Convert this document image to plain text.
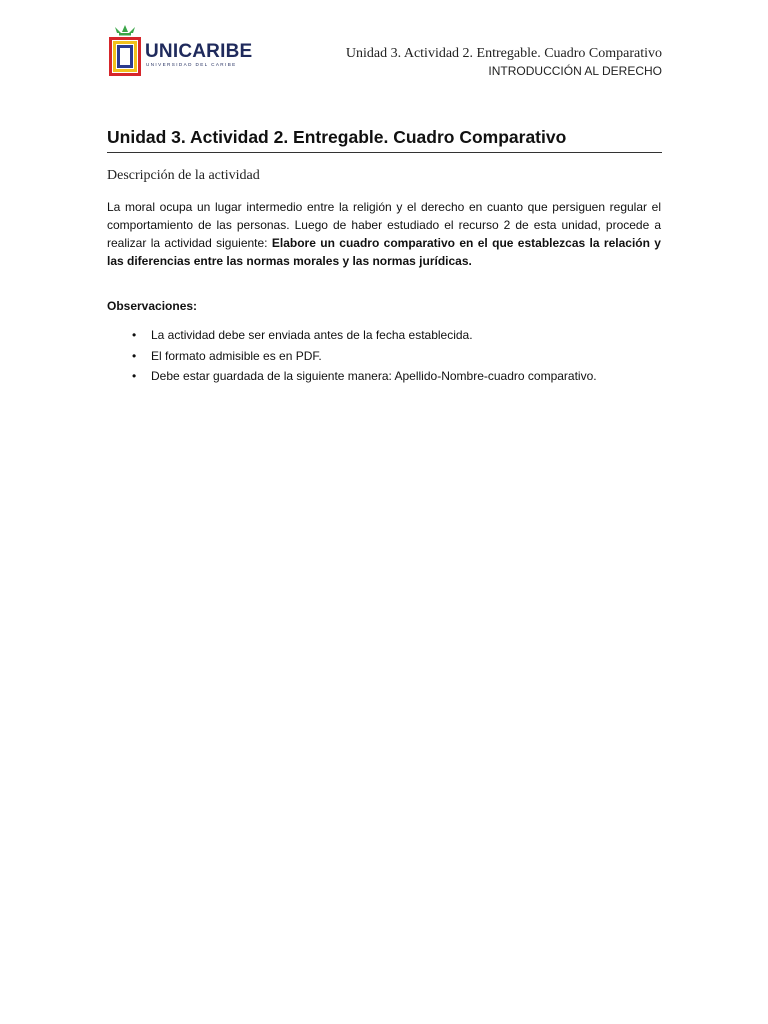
UNICARIBE
UNIVERSIDAD DEL CARIBE
Unidad 3. Actividad 2. Entregable. Cuadro Comparativo
INTRODUCCIÓN AL DERECHO
Unidad 3. Actividad 2. Entregable. Cuadro Comparativo
Descripción de la actividad
La moral ocupa un lugar intermedio entre la religión y el derecho en cuanto que persiguen regular el comportamiento de las personas. Luego de haber estudiado el recurso 2 de esta unidad, procede a realizar la actividad siguiente: Elabore un cuadro comparativo en el que establezcas la relación y las diferencias entre las normas morales y las normas jurídicas.
Observaciones:
• La actividad debe ser enviada antes de la fecha establecida.
• El formato admisible es en PDF.
• Debe estar guardada de la siguiente manera: Apellido-Nombre-cuadro comparativo.
